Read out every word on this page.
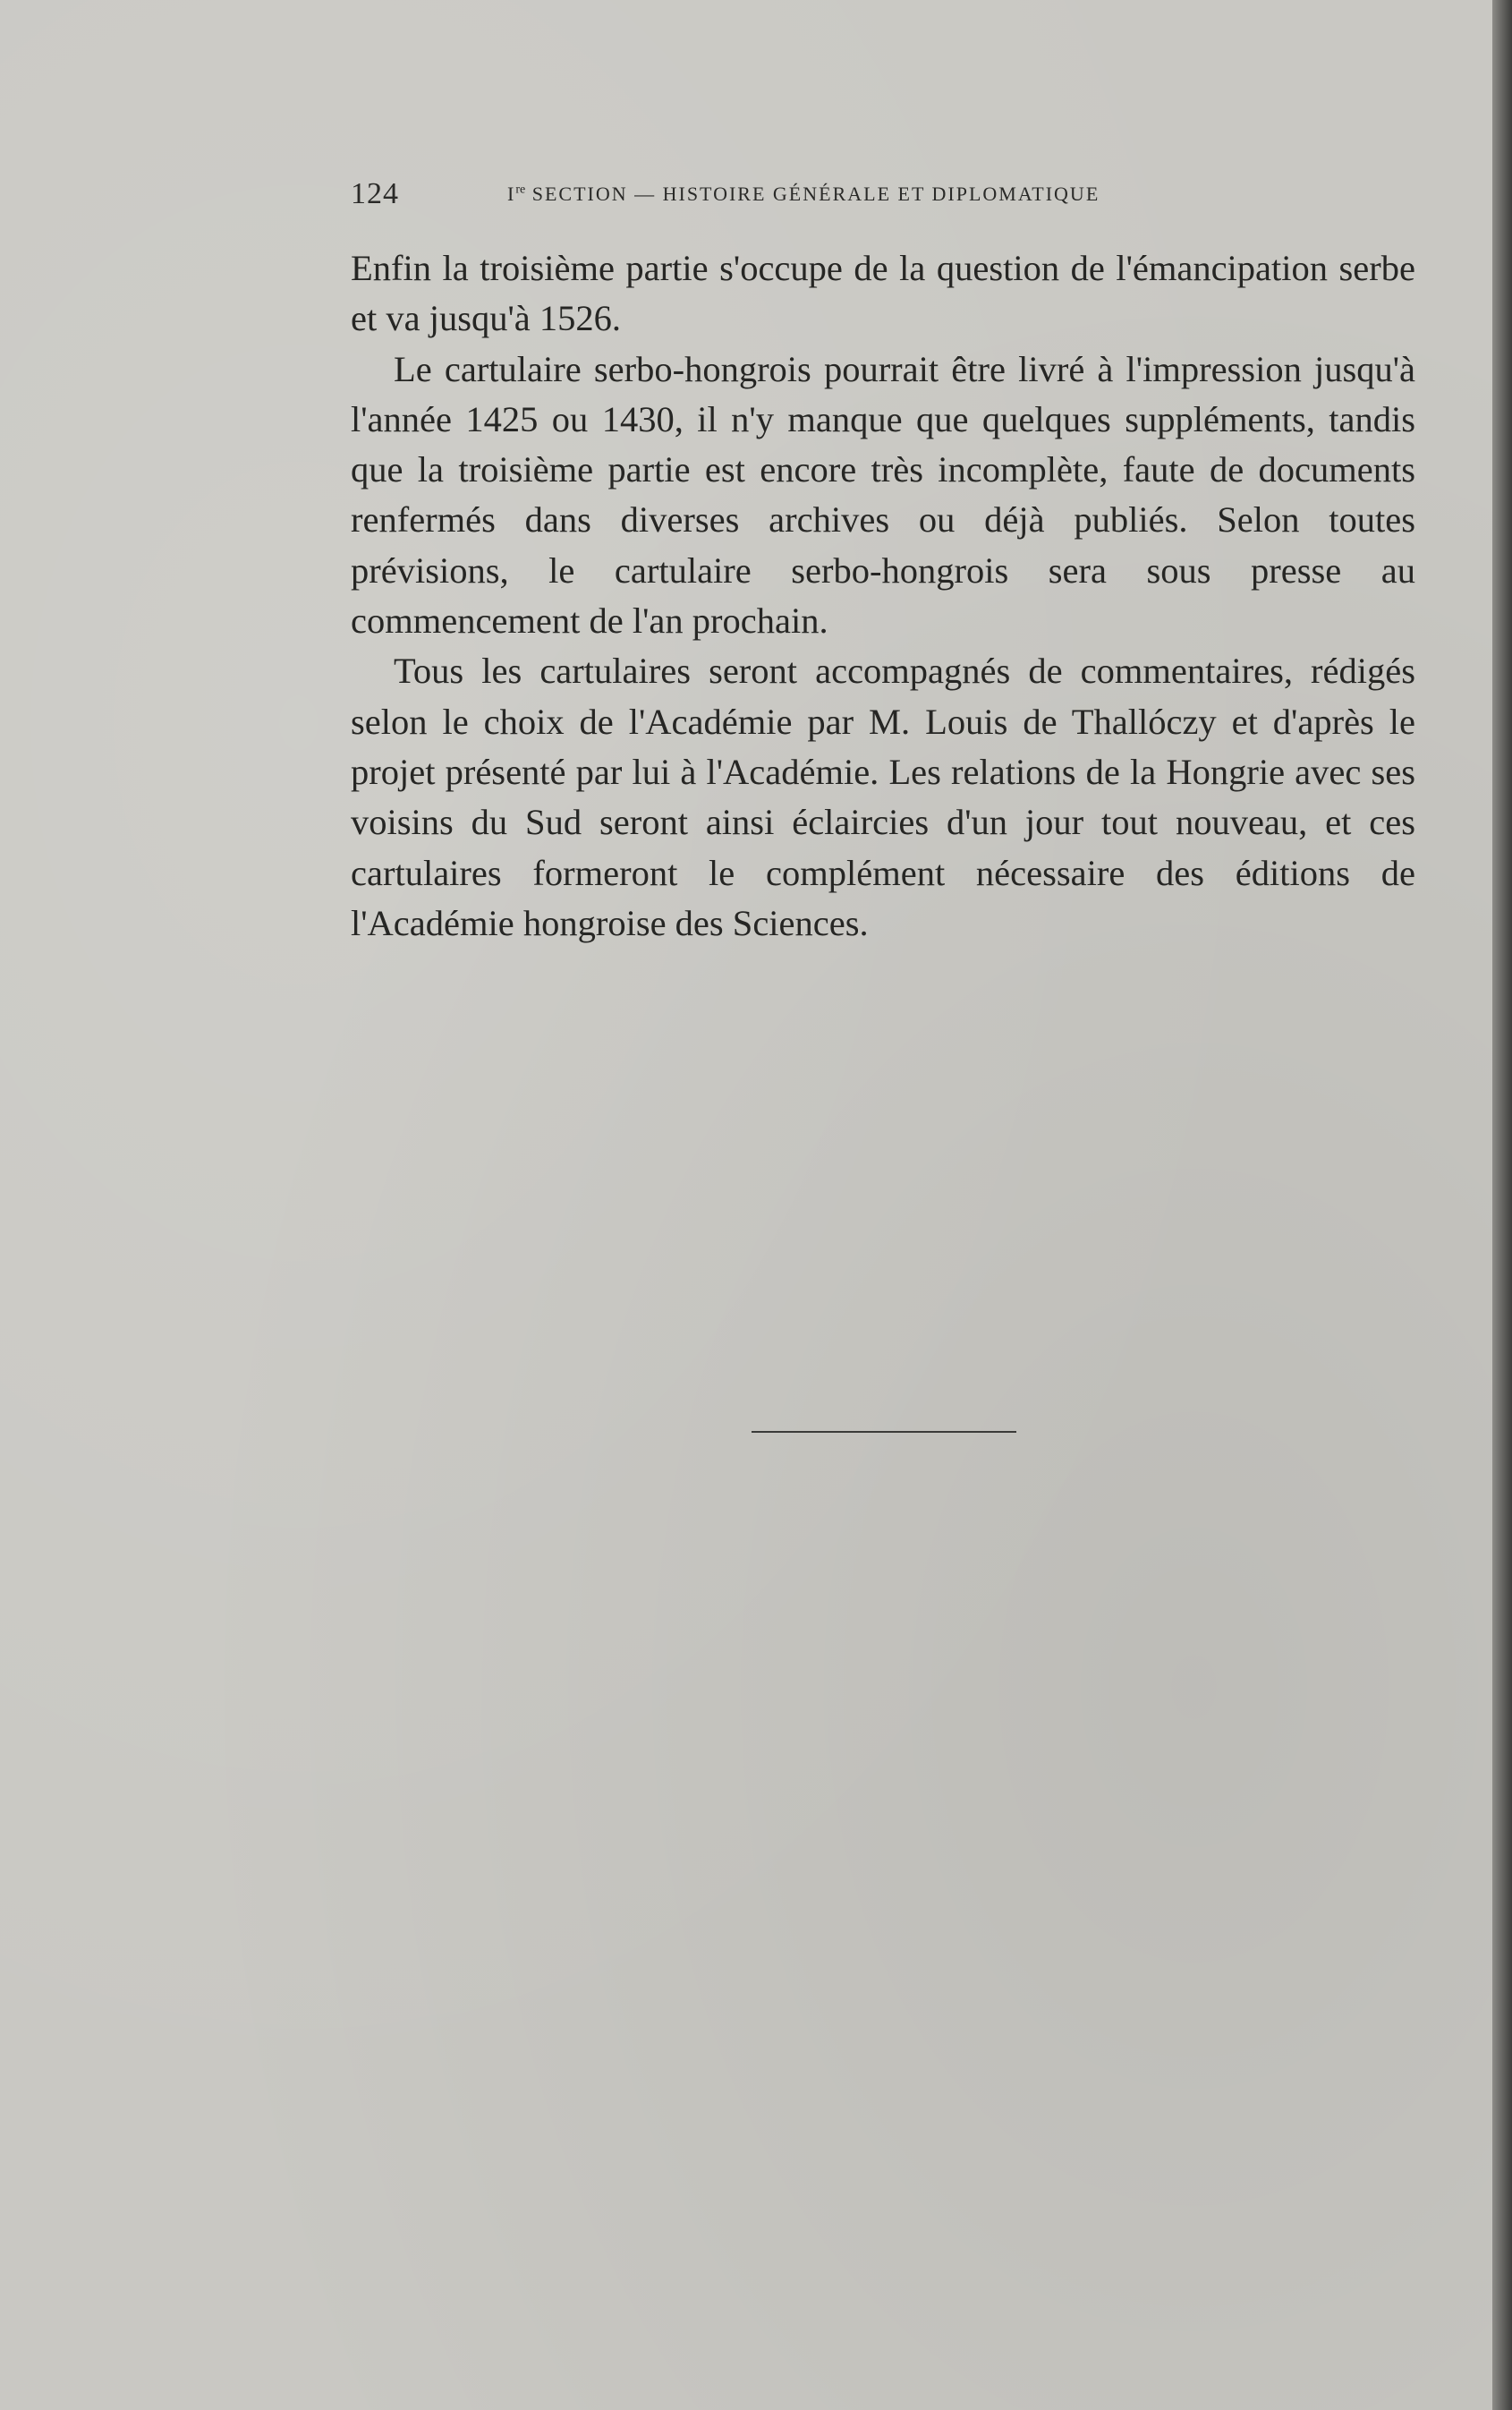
124	Ire SECTION — HISTOIRE GÉNÉRALE ET DIPLOMATIQUE

Enfin la troisième partie s'occupe de la question de l'émancipation serbe et va jusqu'à 1526.

Le cartulaire serbo-hongrois pourrait être livré à l'impression jusqu'à l'année 1425 ou 1430, il n'y manque que quelques suppléments, tandis que la troisième partie est encore très incomplète, faute de documents renfermés dans diverses archives ou déjà publiés. Selon toutes prévisions, le cartulaire serbo-hongrois sera sous presse au commencement de l'an prochain.

Tous les cartulaires seront accompagnés de commentaires, rédigés selon le choix de l'Académie par M. Louis de Thallóczy et d'après le projet présenté par lui à l'Académie. Les relations de la Hongrie avec ses voisins du Sud seront ainsi éclaircies d'un jour tout nouveau, et ces cartulaires formeront le complément nécessaire des éditions de l'Académie hongroise des Sciences.
